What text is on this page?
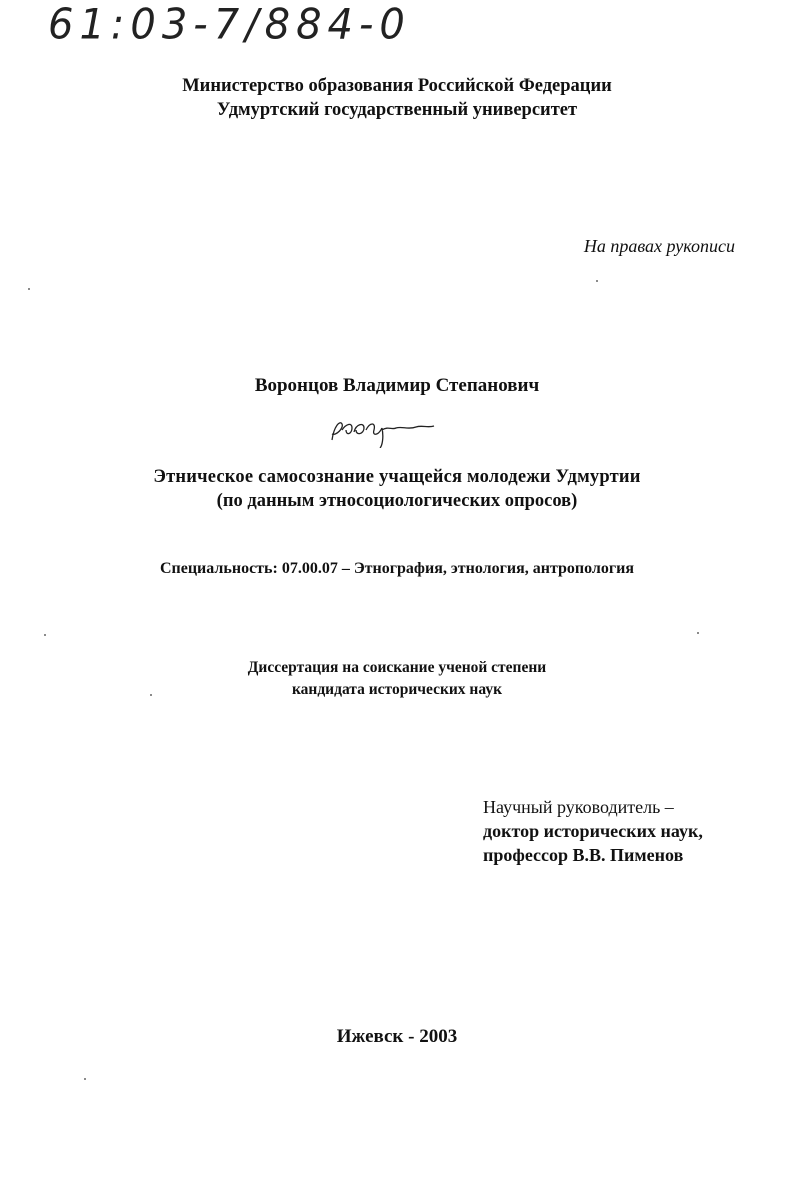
61:03-7/884-0
Министерство образования Российской Федерации
Удмуртский государственный университет
На правах рукописи
Воронцов Владимир Степанович
Этническое самосознание учащейся молодежи Удмуртии
(по данным этносоциологических опросов)
Специальность: 07.00.07 – Этнография, этнология, антропология
Диссертация на соискание ученой степени
кандидата исторических наук
Научный руководитель –
доктор исторических наук,
профессор В.В. Пименов
Ижевск - 2003
